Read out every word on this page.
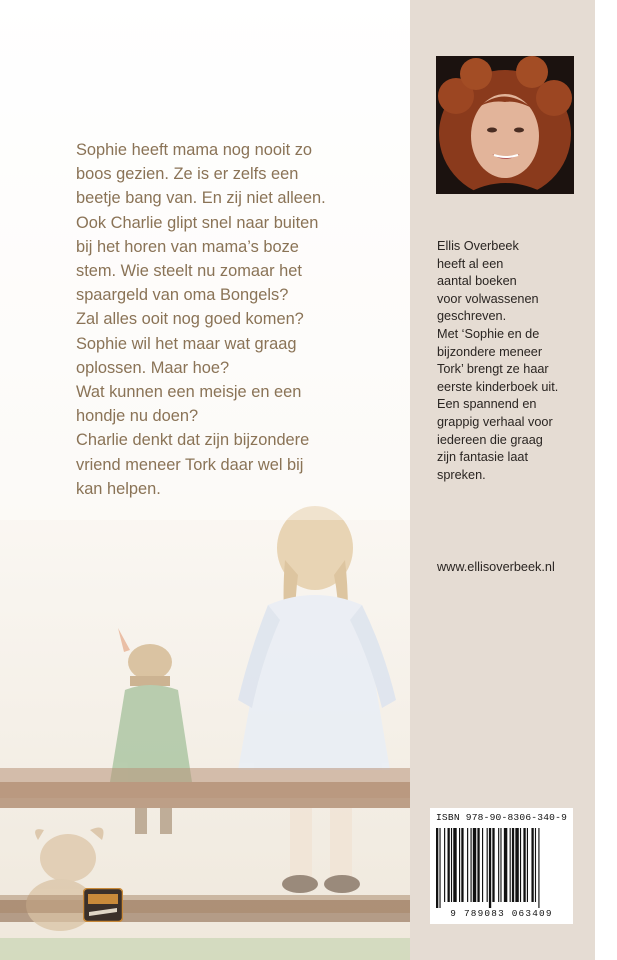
Sophie heeft mama nog nooit zo
boos gezien. Ze is er zelfs een
beetje bang van. En zij niet alleen.
Ook Charlie glipt snel naar buiten
bij het horen van mama’s boze
stem. Wie steelt nu zomaar het
spaargeld van oma Bongels?
Zal alles ooit nog goed komen?
Sophie wil het maar wat graag
oplossen. Maar hoe?
Wat kunnen een meisje en een
hondje nu doen?
Charlie denkt dat zijn bijzondere
vriend meneer Tork daar wel bij
kan helpen.
Ellis Overbeek
heeft al een
aantal boeken
voor volwassenen
geschreven.
Met ‘Sophie en de
bijzondere meneer
Tork’ brengt ze haar
eerste kinderboek uit.
Een spannend en
grappig verhaal voor
iedereen die graag
zijn fantasie laat
spreken.
www.ellisoverbeek.nl
ISBN 978-90-8306-340-9
9 789083 063409
